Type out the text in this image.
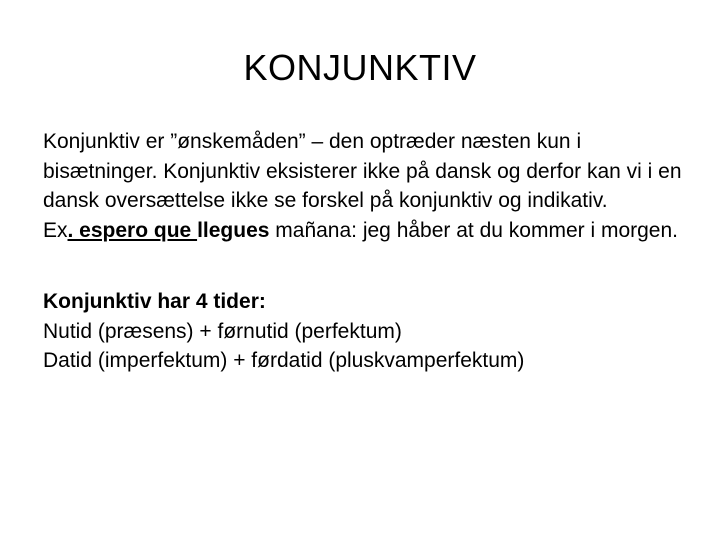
KONJUNKTIV

Konjunktiv er ”ønskemåden” – den optræder næsten kun i bisætninger. Konjunktiv eksisterer ikke på dansk og derfor kan vi i en dansk oversættelse ikke se forskel på konjunktiv og indikativ.

Ex. espero que llegues mañana: jeg håber at du kommer i morgen.

Konjunktiv har 4 tider:

Nutid (præsens) + førnutid (perfektum)

Datid (imperfektum) + førdatid (pluskvamperfektum)
